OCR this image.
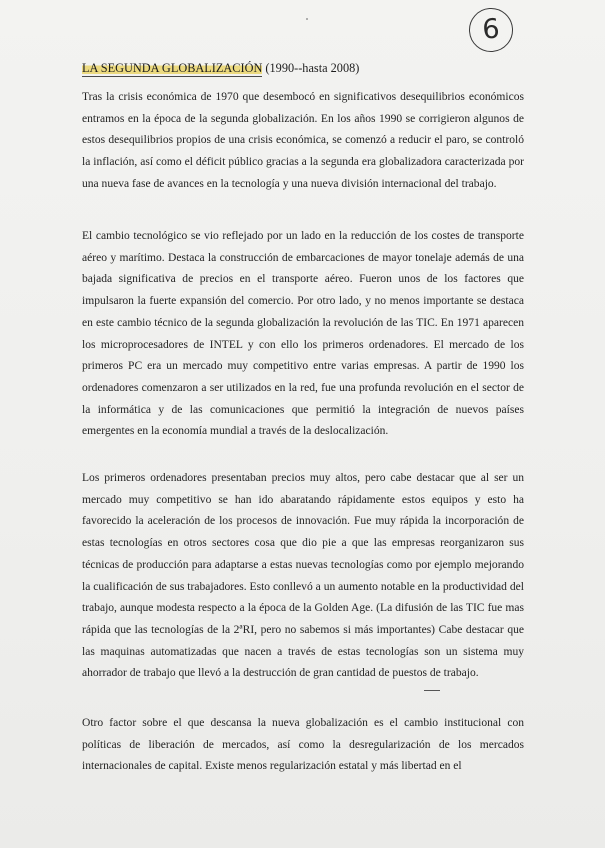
6
LA SEGUNDA GLOBALIZACIÓN (1990--hasta 2008)
Tras la crisis económica de 1970 que desembocó en significativos desequilibrios económicos entramos en la época de la segunda globalización. En los años 1990 se corrigieron algunos de estos desequilibrios propios de una crisis económica, se comenzó a reducir el paro, se controló la inflación, así como el déficit público gracias a la segunda era globalizadora caracterizada por una nueva fase de avances en la tecnología y una nueva división internacional del trabajo.
El cambio tecnológico se vio reflejado por un lado en la reducción de los costes de transporte aéreo y marítimo. Destaca la construcción de embarcaciones de mayor tonelaje además de una bajada significativa de precios en el transporte aéreo. Fueron unos de los factores que impulsaron la fuerte expansión del comercio. Por otro lado, y no menos importante se destaca en este cambio técnico de la segunda globalización la revolución de las TIC. En 1971 aparecen los microprocesadores de INTEL y con ello los primeros ordenadores. El mercado de los primeros PC era un mercado muy competitivo entre varias empresas. A partir de 1990 los ordenadores comenzaron a ser utilizados en la red, fue una profunda revolución en el sector de la informática y de las comunicaciones que permitió la integración de nuevos países emergentes en la economía mundial a través de la deslocalización.
Los primeros ordenadores presentaban precios muy altos, pero cabe destacar que al ser un mercado muy competitivo se han ido abaratando rápidamente estos equipos y esto ha favorecido la aceleración de los procesos de innovación. Fue muy rápida la incorporación de estas tecnologías en otros sectores cosa que dio pie a que las empresas reorganizaron sus técnicas de producción para adaptarse a estas nuevas tecnologías como por ejemplo mejorando la cualificación de sus trabajadores. Esto conllevó a un aumento notable en la productividad del trabajo, aunque modesta respecto a la época de la Golden Age. (La difusión de las TIC fue mas rápida que las tecnologías de la 2ªRI, pero no sabemos si más importantes) Cabe destacar que las maquinas automatizadas que nacen a través de estas tecnologías son un sistema muy ahorrador de trabajo que llevó a la destrucción de gran cantidad de puestos de trabajo.
Otro factor sobre el que descansa la nueva globalización es el cambio institucional con políticas de liberación de mercados, así como la desregularización de los mercados internacionales de capital. Existe menos regularización estatal y más libertad en el
